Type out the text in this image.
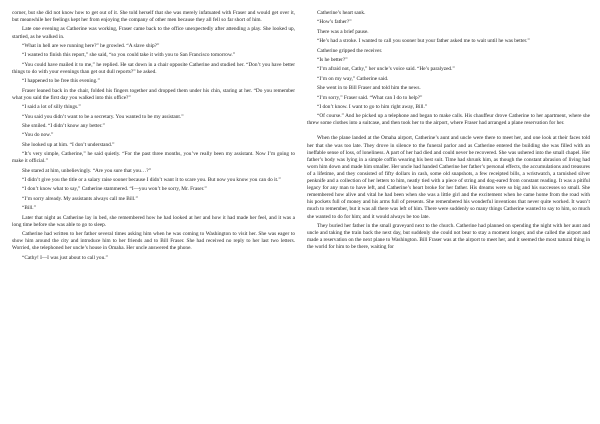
corner, but she did not know how to get out of it. She told herself that she was merely infatuated with Fraser and would get over it, but meanwhile her feelings kept her from enjoying the company of other men because they all fell so far short of him.

Late one evening as Catherine was working, Fraser came back to the office unexpectedly after attending a play. She looked up, startled, as he walked in.

“What in hell are we running here?” he growled. “A slave ship?”

“I wanted to finish this report,” she said, “so you could take it with you to San Francisco tomorrow.”

“You could have mailed it to me,” he replied. He sat down in a chair opposite Catherine and studied her. “Don’t you have better things to do with your evenings than get out dull reports?” he asked.

“I happened to be free this evening.”

Fraser leaned back in the chair, folded his fingers together and dropped them under his chin, staring at her. “Do you remember what you said the first day you walked into this office?”

“I said a lot of silly things.”

“You said you didn’t want to be a secretary. You wanted to be my assistant.”

She smiled. “I didn’t know any better.”

“You do now.”

She looked up at him. “I don’t understand.”

“It’s very simple, Catherine,” he said quietly. “For the past three months, you’ve really been my assistant. Now I’m going to make it official.”

She stared at him, unbelievingly. “Are you sure that you…?”

“I didn’t give you the title or a salary raise sooner because I didn’t want it to scare you. But now you know you can do it.”

“I don’t know what to say,” Catherine stammered. “I—you won’t be sorry, Mr. Fraser.”

“I’m sorry already. My assistants always call me Bill.”

“Bill.”

Later that night as Catherine lay in bed, she remembered how he had looked at her and how it had made her feel, and it was a long time before she was able to go to sleep.

Catherine had written to her father several times asking him when he was coming to Washington to visit her. She was eager to show him around the city and introduce him to her friends and to Bill Fraser. She had received no reply to her last two letters. Worried, she telephoned her uncle’s house in Omaha. Her uncle answered the phone.

“Cathy! I—I was just about to call you.”

Catherine’s heart sank.

“How’s father?”

There was a brief pause.

“He’s had a stroke. I wanted to call you sooner but your father asked me to wait until he was better.”

Catherine gripped the receiver.

“Is he better?”

“I’m afraid not, Cathy,” her uncle’s voice said. “He’s paralyzed.”

“I’m on my way,” Catherine said.

She went in to Bill Fraser and told him the news.

“I’m sorry,” Fraser said. “What can I do to help?”

“I don’t know. I want to go to him right away, Bill.”

“Of course.” And he picked up a telephone and began to make calls. His chauffeur drove Catherine to her apartment, where she threw some clothes into a suitcase, and then took her to the airport, where Fraser had arranged a plane reservation for her.

When the plane landed at the Omaha airport, Catherine’s aunt and uncle were there to meet her, and one look at their faces told her that she was too late. They drove in silence to the funeral parlor and as Catherine entered the building she was filled with an ineffable sense of loss, of loneliness. A part of her had died and could never be recovered. She was ushered into the small chapel. Her father’s body was lying in a simple coffin wearing his best suit. Time had shrunk him, as though the constant abrasion of living had worn him down and made him smaller. Her uncle had handed Catherine her father’s personal effects, the accumulations and treasures of a lifetime, and they consisted of fifty dollars in cash, some old snapshots, a few receipted bills, a wristwatch, a tarnished silver penknife and a collection of her letters to him, neatly tied with a piece of string and dog-eared from constant reading. It was a pitiful legacy for any man to have left, and Catherine’s heart broke for her father. His dreams were so big and his successes so small. She remembered how alive and vital he had been when she was a little girl and the excitement when he came home from the road with his pockets full of money and his arms full of presents. She remembered his wonderful inventions that never quite worked. It wasn’t much to remember, but it was all there was left of him. There were suddenly so many things Catherine wanted to say to him, so much she wanted to do for him; and it would always be too late.

They buried her father in the small graveyard next to the church. Catherine had planned on spending the night with her aunt and uncle and taking the train back the next day, but suddenly she could not bear to stay a moment longer, and she called the airport and made a reservation on the next plane to Washington. Bill Fraser was at the airport to meet her, and it seemed the most natural thing in the world for him to be there, waiting for
